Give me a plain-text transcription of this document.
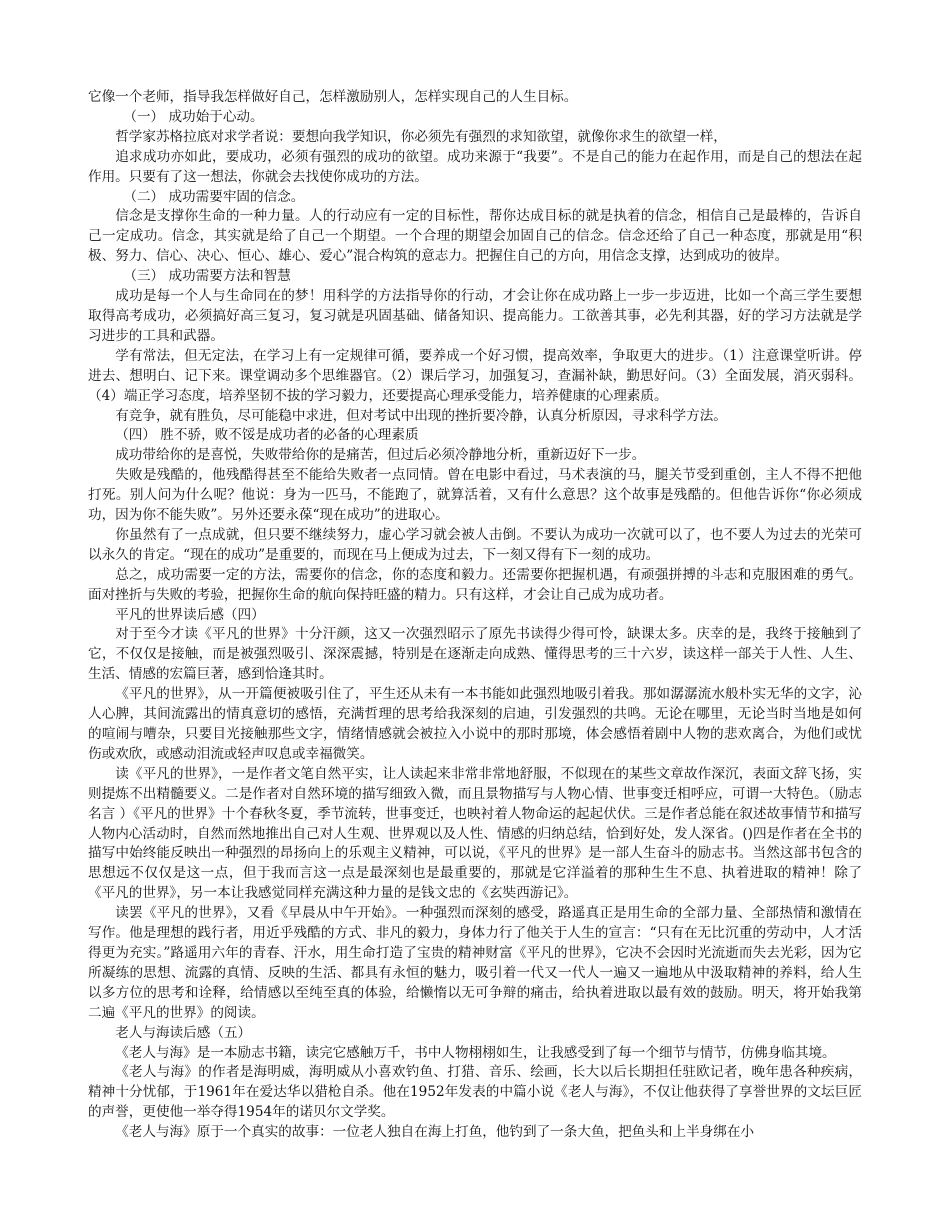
它像一个老师，指导我怎样做好自己，怎样激励别人，怎样实现自己的人生目标。

（一） 成功始于心动。

哲学家苏格拉底对求学者说：要想向我学知识，你必须先有强烈的求知欲望，就像你求生的欲望一样，

追求成功亦如此，要成功，必须有强烈的成功的欲望。成功来源于“我要”。不是自己的能力在起作用，而是自己的想法在起作用。只要有了这一想法，你就会去找使你成功的方法。

（二） 成功需要牢固的信念。

信念是支撑你生命的一种力量。人的行动应有一定的目标性，帮你达成目标的就是执着的信念，相信自己是最棒的，告诉自己一定成功。信念，其实就是给了自己一个期望。一个合理的期望会加固自己的信念。信念还给了自己一种态度，那就是用“积极、努力、信心、决心、恒心、雄心、爱心”混合构筑的意志力。把握住自己的方向，用信念支撑，达到成功的彼岸。

（三） 成功需要方法和智慧

成功是每一个人与生命同在的梦！用科学的方法指导你的行动，才会让你在成功路上一步一步迈进，比如一个高三学生要想取得高考成功，必须搞好高三复习，复习就是巩固基础、储备知识、提高能力。工欲善其事，必先利其器，好的学习方法就是学习进步的工具和武器。

学有常法，但无定法，在学习上有一定规律可循，要养成一个好习惯，提高效率，争取更大的进步。（1）注意课堂听讲。停进去、想明白、记下来。课堂调动多个思维器官。（2）课后学习，加强复习，查漏补缺，勤思好问。（3）全面发展，消灭弱科。（4）端正学习态度，培养坚韧不拔的学习毅力，还要提高心理承受能力，培养健康的心理素质。

有竞争，就有胜负，尽可能稳中求进，但对考试中出现的挫折要冷静，认真分析原因，寻求科学方法。

（四） 胜不骄，败不馁是成功者的必备的心理素质

成功带给你的是喜悦，失败带给你的是痛苦，但过后必须冷静地分析，重新迈好下一步。

失败是残酷的，他残酷得甚至不能给失败者一点同情。曾在电影中看过，马术表演的马，腿关节受到重创，主人不得不把他打死。别人问为什么呢？他说：身为一匹马，不能跑了，就算活着，又有什么意思？这个故事是残酷的。但他告诉你“你必须成功，因为你不能失败”。另外还要永葆“现在成功”的进取心。

你虽然有了一点成就，但只要不继续努力，虚心学习就会被人击倒。不要认为成功一次就可以了，也不要人为过去的光荣可以永久的肯定。“现在的成功”是重要的，而现在马上便成为过去，下一刻又得有下一刻的成功。

总之，成功需要一定的方法，需要你的信念，你的态度和毅力。还需要你把握机遇，有顽强拼搏的斗志和克服困难的勇气。面对挫折与失败的考验，把握你生命的航向保持旺盛的精力。只有这样，才会让自己成为成功者。

平凡的世界读后感（四）

对于至今才读《平凡的世界》十分汗颜，这又一次强烈昭示了原先书读得少得可怜，缺课太多。庆幸的是，我终于接触到了它，不仅仅是接触，而是被强烈吸引、深深震撼，特别是在逐渐走向成熟、懂得思考的三十六岁，读这样一部关于人性、人生、生活、情感的宏篇巨著，感到恰逢其时。

《平凡的世界》，从一开篇便被吸引住了，平生还从未有一本书能如此强烈地吸引着我。那如潺潺流水般朴实无华的文字，沁人心脾，其间流露出的情真意切的感悟，充满哲理的思考给我深刻的启迪，引发强烈的共鸣。无论在哪里，无论当时当地是如何的喧闹与嘈杂，只要目光接触那些文字，情绪情感就会被拉入小说中的那时那境，体会感悟着剧中人物的悲欢离合，为他们或忧伤或欢欣，或感动泪流或轻声叹息或幸福微笑。

读《平凡的世界》，一是作者文笔自然平实，让人读起来非常非常地舒服，不似现在的某些文章故作深沉，表面文辞飞扬，实则提炼不出精髓要义。二是作者对自然环境的描写细致入微，而且景物描写与人物心情、世事变迁相呼应，可谓一大特色。（励志名言 ）《平凡的世界》十个春秋冬夏，季节流转，世事变迁，也映衬着人物命运的起起伏伏。三是作者总能在叙述故事情节和描写人物内心活动时，自然而然地推出自己对人生观、世界观以及人性、情感的归纳总结，恰到好处，发人深省。()四是作者在全书的描写中始终能反映出一种强烈的昂扬向上的乐观主义精神，可以说，《平凡的世界》是一部人生奋斗的励志书。当然这部书包含的思想远不仅仅是这一点，但于我而言这一点是最深刻也是最重要的，那就是它洋溢着的那种生生不息、执着进取的精神！除了《平凡的世界》，另一本让我感觉同样充满这种力量的是钱文忠的《玄奘西游记》。

读罢《平凡的世界》，又看《早晨从中午开始》。一种强烈而深刻的感受，路遥真正是用生命的全部力量、全部热情和激情在写作。他是理想的践行者，用近乎残酷的方式、非凡的毅力，身体力行了他关于人生的宣言：“只有在无比沉重的劳动中，人才活得更为充实。”路遥用六年的青春、汗水，用生命打造了宝贵的精神财富《平凡的世界》，它决不会因时光流逝而失去光彩，因为它所凝练的思想、流露的真情、反映的生活、都具有永恒的魅力，吸引着一代又一代人一遍又一遍地从中汲取精神的养料，给人生以多方位的思考和诠释，给情感以至纯至真的体验，给懒惰以无可争辩的痛击，给执着进取以最有效的鼓励。明天，将开始我第二遍《平凡的世界》的阅读。

老人与海读后感（五）

《老人与海》是一本励志书籍，读完它感触万千，书中人物栩栩如生，让我感受到了每一个细节与情节，仿佛身临其境。

《老人与海》的作者是海明威，海明威从小喜欢钓鱼、打猎、音乐、绘画，长大以后长期担任驻欧记者，晚年患各种疾病，精神十分忧郁，于1961年在爱达华以猎枪自杀。他在1952年发表的中篇小说《老人与海》，不仅让他获得了享誉世界的文坛巨匠的声誉，更使他一举夺得1954年的诺贝尔文学奖。

《老人与海》原于一个真实的故事：一位老人独自在海上打鱼，他钓到了一条大鱼，把鱼头和上半身绑在小
